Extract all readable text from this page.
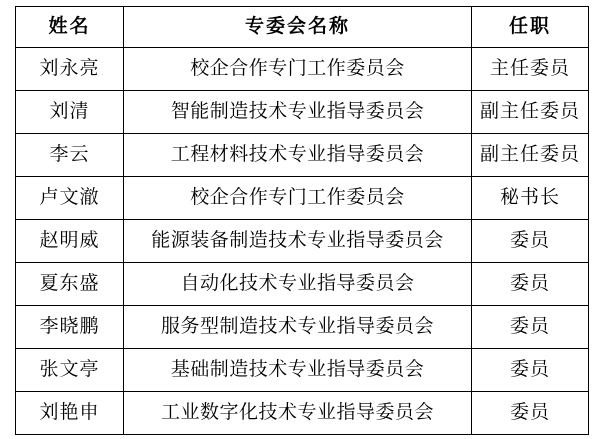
姓名	专委会名称	任职
刘永亮	校企合作专门工作委员会	主任委员
刘清	智能制造技术专业指导委员会	副主任委员
李云	工程材料技术专业指导委员会	副主任委员
卢文澈	校企合作专门工作委员会	秘书长
赵明威	能源装备制造技术专业指导委员会	委员
夏东盛	自动化技术专业指导委员会	委员
李晓鹏	服务型制造技术专业指导委员会	委员
张文亭	基础制造技术专业指导委员会	委员
刘艳申	工业数字化技术专业指导委员会	委员
